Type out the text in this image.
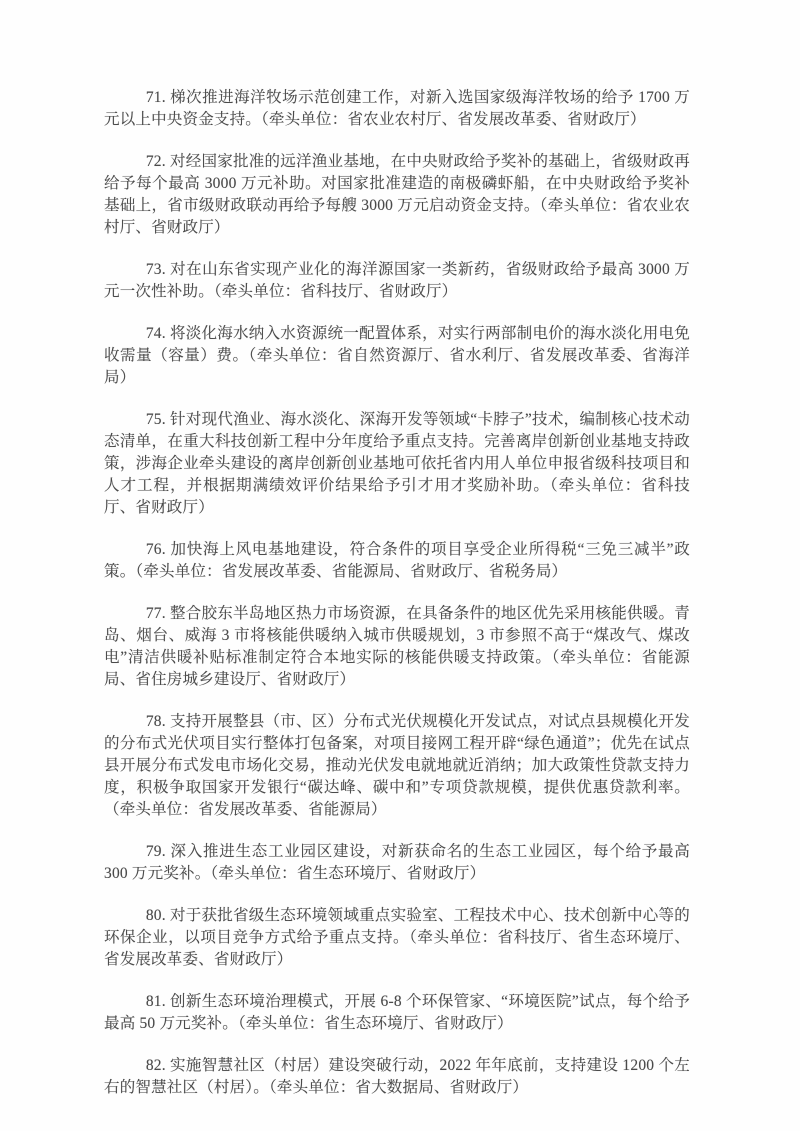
71. 梯次推进海洋牧场示范创建工作，对新入选国家级海洋牧场的给予 1700 万元以上中央资金支持。（牵头单位：省农业农村厅、省发展改革委、省财政厅）

72. 对经国家批准的远洋渔业基地，在中央财政给予奖补的基础上，省级财政再给予每个最高 3000 万元补助。对国家批准建造的南极磷虾船，在中央财政给予奖补基础上，省市级财政联动再给予每艘 3000 万元启动资金支持。（牵头单位：省农业农村厅、省财政厅）

73. 对在山东省实现产业化的海洋源国家一类新药，省级财政给予最高 3000 万元一次性补助。（牵头单位：省科技厅、省财政厅）

74. 将淡化海水纳入水资源统一配置体系，对实行两部制电价的海水淡化用电免收需量（容量）费。（牵头单位：省自然资源厅、省水利厅、省发展改革委、省海洋局）

75. 针对现代渔业、海水淡化、深海开发等领域“卡脖子”技术，编制核心技术动态清单，在重大科技创新工程中分年度给予重点支持。完善离岸创新创业基地支持政策，涉海企业牵头建设的离岸创新创业基地可依托省内用人单位申报省级科技项目和人才工程，并根据期满绩效评价结果给予引才用才奖励补助。（牵头单位：省科技厅、省财政厅）

76. 加快海上风电基地建设，符合条件的项目享受企业所得税“三免三减半”政策。（牵头单位：省发展改革委、省能源局、省财政厅、省税务局）

77. 整合胶东半岛地区热力市场资源，在具备条件的地区优先采用核能供暖。青岛、烟台、威海 3 市将核能供暖纳入城市供暖规划，3 市参照不高于“煤改气、煤改电”清洁供暖补贴标准制定符合本地实际的核能供暖支持政策。（牵头单位：省能源局、省住房城乡建设厅、省财政厅）

78. 支持开展整县（市、区）分布式光伏规模化开发试点，对试点县规模化开发的分布式光伏项目实行整体打包备案，对项目接网工程开辟“绿色通道”；优先在试点县开展分布式发电市场化交易，推动光伏发电就地就近消纳；加大政策性贷款支持力度，积极争取国家开发银行“碳达峰、碳中和”专项贷款规模，提供优惠贷款利率。（牵头单位：省发展改革委、省能源局）

79. 深入推进生态工业园区建设，对新获命名的生态工业园区，每个给予最高 300 万元奖补。（牵头单位：省生态环境厅、省财政厅）

80. 对于获批省级生态环境领域重点实验室、工程技术中心、技术创新中心等的环保企业，以项目竞争方式给予重点支持。（牵头单位：省科技厅、省生态环境厅、省发展改革委、省财政厅）

81. 创新生态环境治理模式，开展 6-8 个环保管家、“环境医院”试点，每个给予最高 50 万元奖补。（牵头单位：省生态环境厅、省财政厅）

82. 实施智慧社区（村居）建设突破行动，2022 年年底前，支持建设 1200 个左右的智慧社区（村居）。（牵头单位：省大数据局、省财政厅）
